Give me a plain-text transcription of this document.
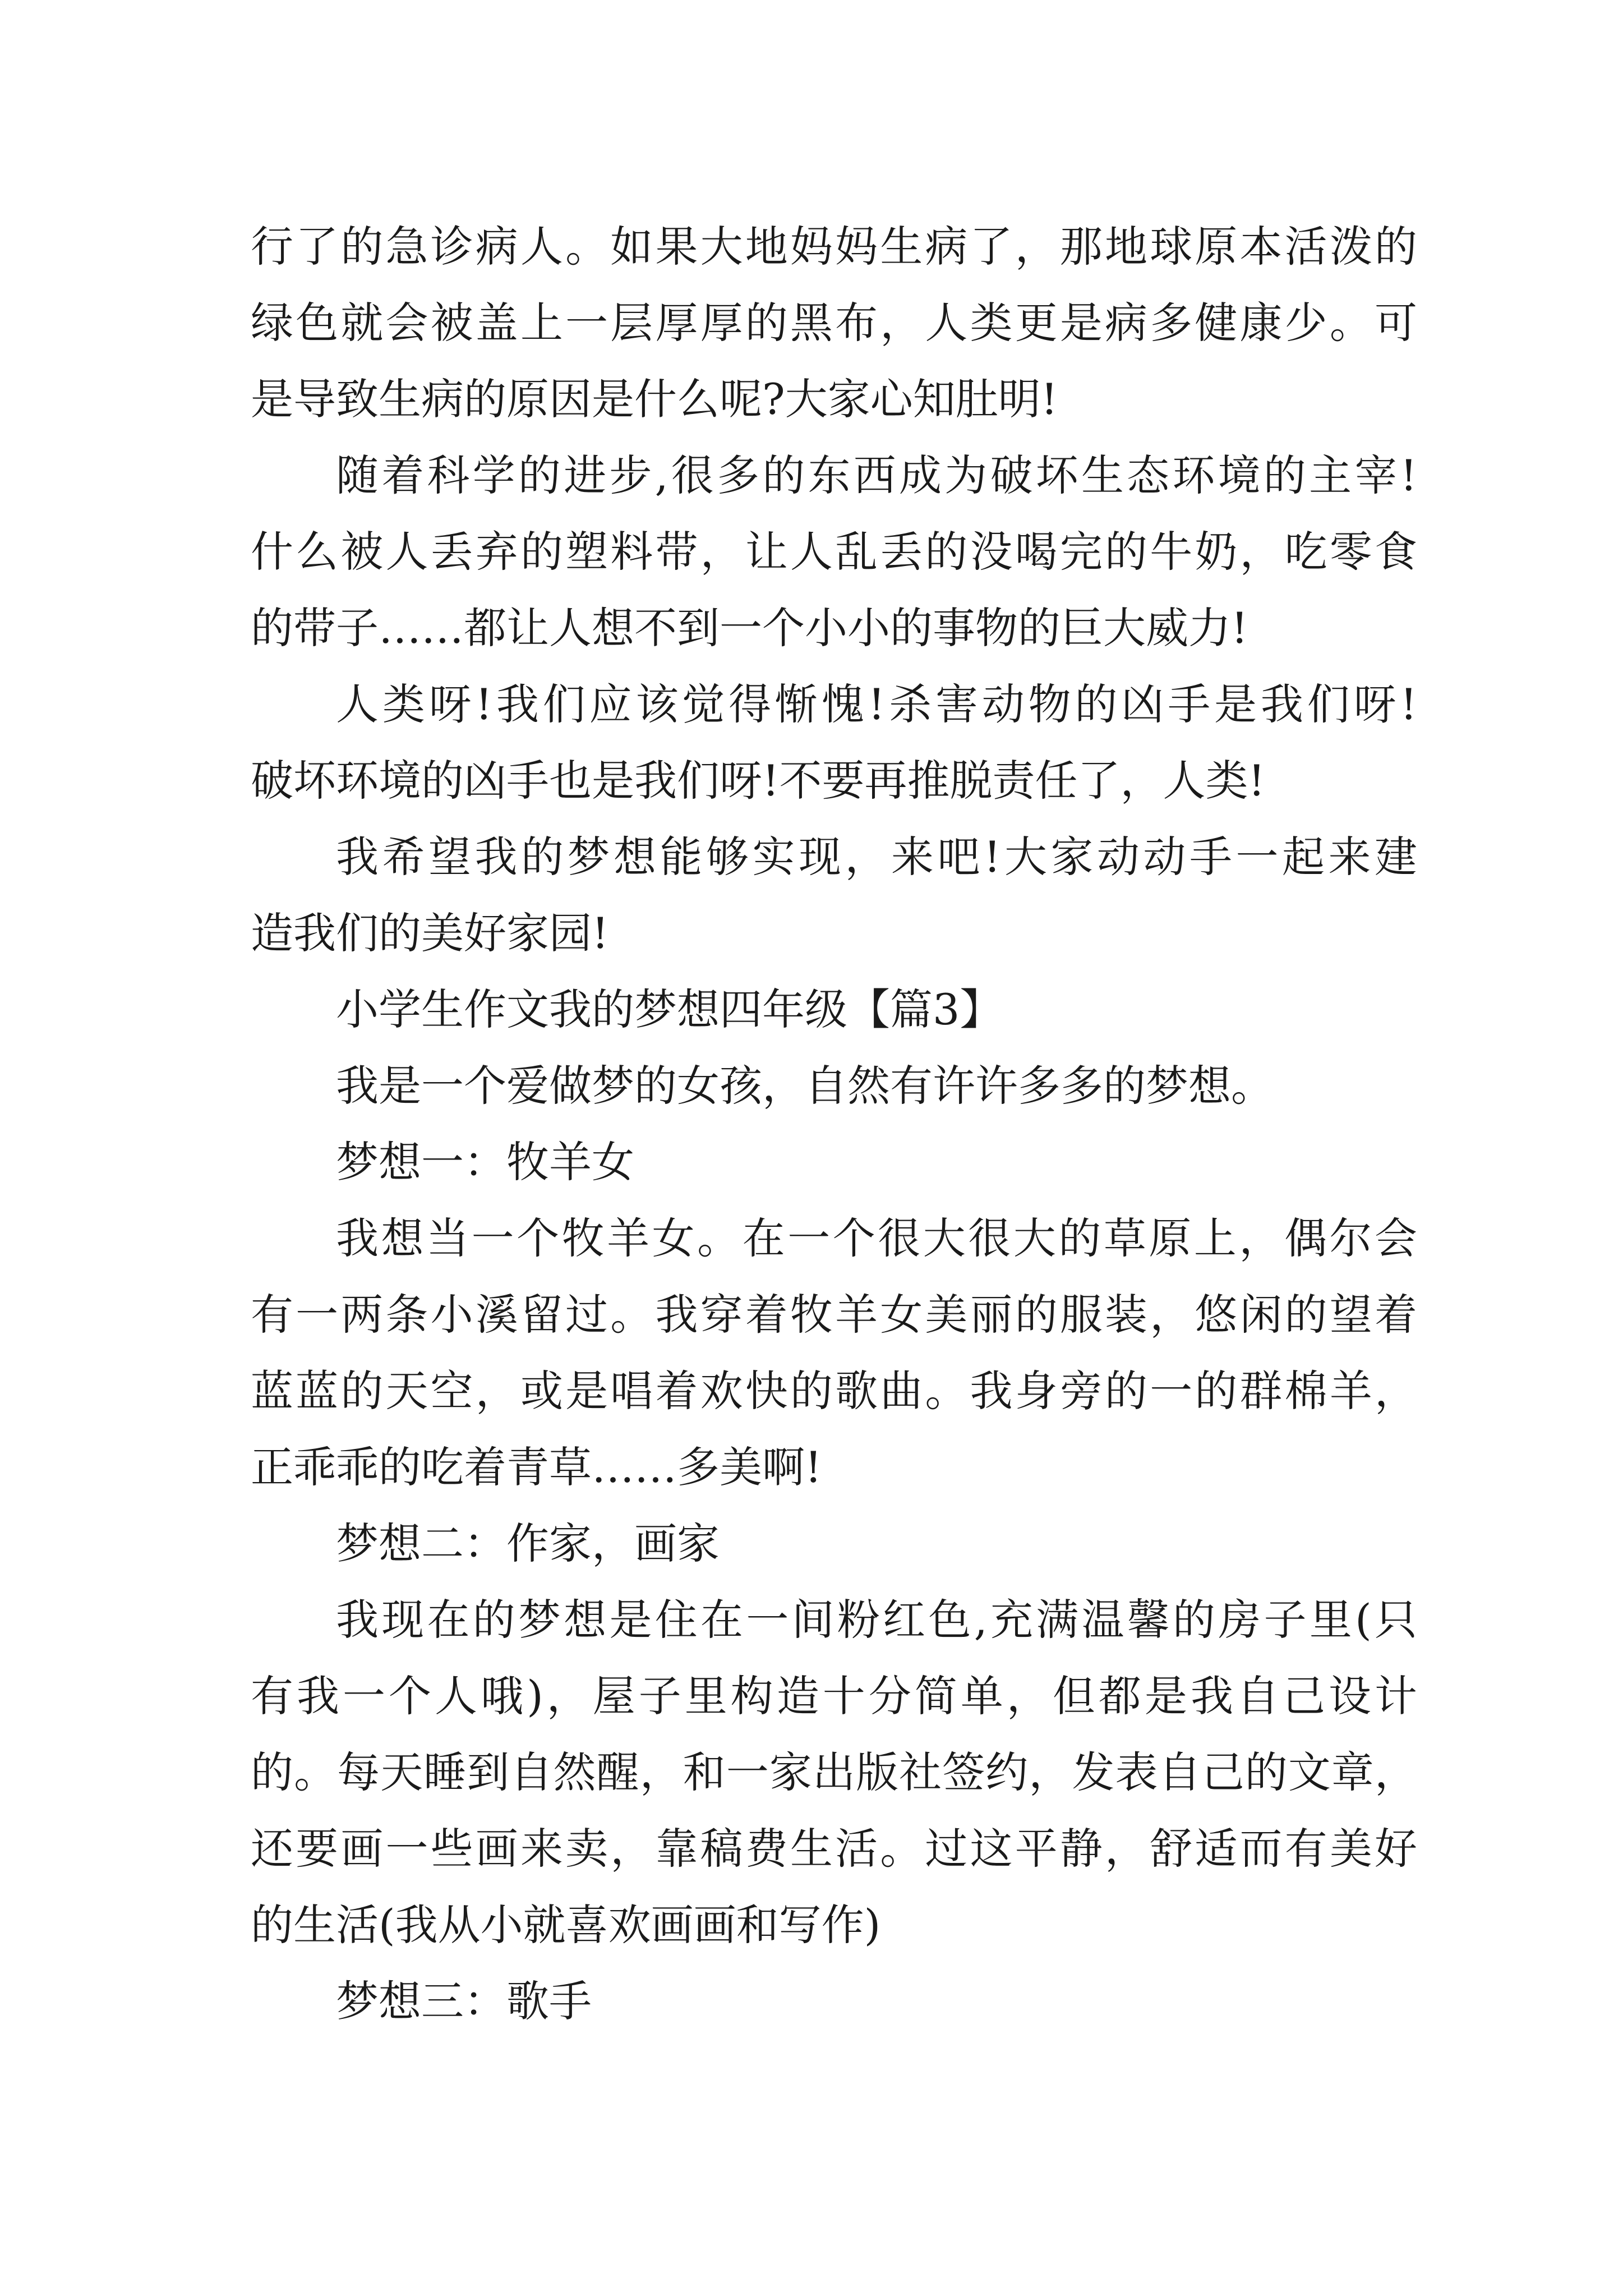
行了的急诊病人。如果大地妈妈生病了，那地球原本活泼的
绿色就会被盖上一层厚厚的黑布，人类更是病多健康少。可
是导致生病的原因是什么呢?大家心知肚明!
随着科学的进步,很多的东西成为破坏生态环境的主宰!
什么被人丢弃的塑料带，让人乱丢的没喝完的牛奶，吃零食
的带子……都让人想不到一个小小的事物的巨大威力!
人类呀!我们应该觉得惭愧!杀害动物的凶手是我们呀!
破坏环境的凶手也是我们呀!不要再推脱责任了，人类!
我希望我的梦想能够实现，来吧!大家动动手一起来建
造我们的美好家园!
小学生作文我的梦想四年级【篇3】
我是一个爱做梦的女孩，自然有许许多多的梦想。
梦想一：牧羊女
我想当一个牧羊女。在一个很大很大的草原上，偶尔会
有一两条小溪留过。我穿着牧羊女美丽的服装，悠闲的望着
蓝蓝的天空，或是唱着欢快的歌曲。我身旁的一的群棉羊，
正乖乖的吃着青草……多美啊!
梦想二：作家，画家
我现在的梦想是住在一间粉红色,充满温馨的房子里(只
有我一个人哦)，屋子里构造十分简单，但都是我自己设计
的。每天睡到自然醒，和一家出版社签约，发表自己的文章，
还要画一些画来卖，靠稿费生活。过这平静，舒适而有美好
的生活(我从小就喜欢画画和写作)
梦想三：歌手
